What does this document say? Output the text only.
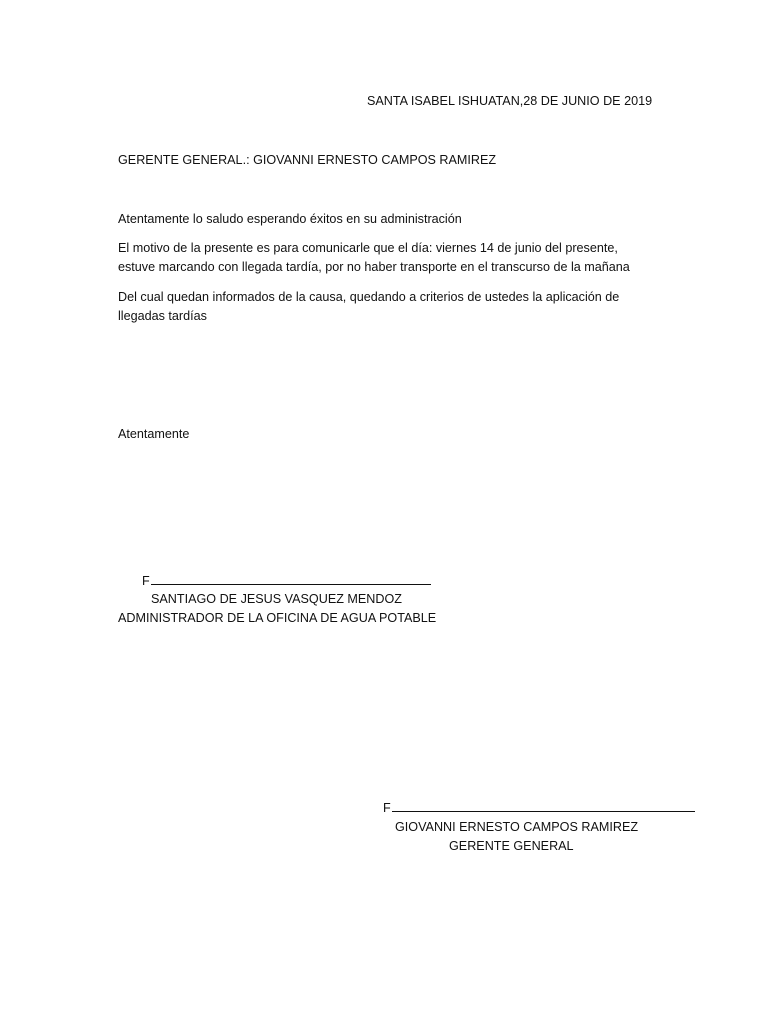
SANTA ISABEL ISHUATAN,28 DE JUNIO DE 2019
GERENTE GENERAL.: GIOVANNI ERNESTO CAMPOS RAMIREZ
Atentamente lo saludo esperando éxitos en su administración
El motivo de la presente es para comunicarle que el día: viernes 14 de junio del presente,
estuve marcando con llegada tardía, por no haber transporte en el transcurso de la mañana
Del cual quedan informados de la causa, quedando a criterios de ustedes la aplicación de
llegadas tardías
Atentamente
F
SANTIAGO DE JESUS VASQUEZ MENDOZ
ADMINISTRADOR DE LA OFICINA DE AGUA POTABLE
F
GIOVANNI ERNESTO CAMPOS RAMIREZ
GERENTE GENERAL
